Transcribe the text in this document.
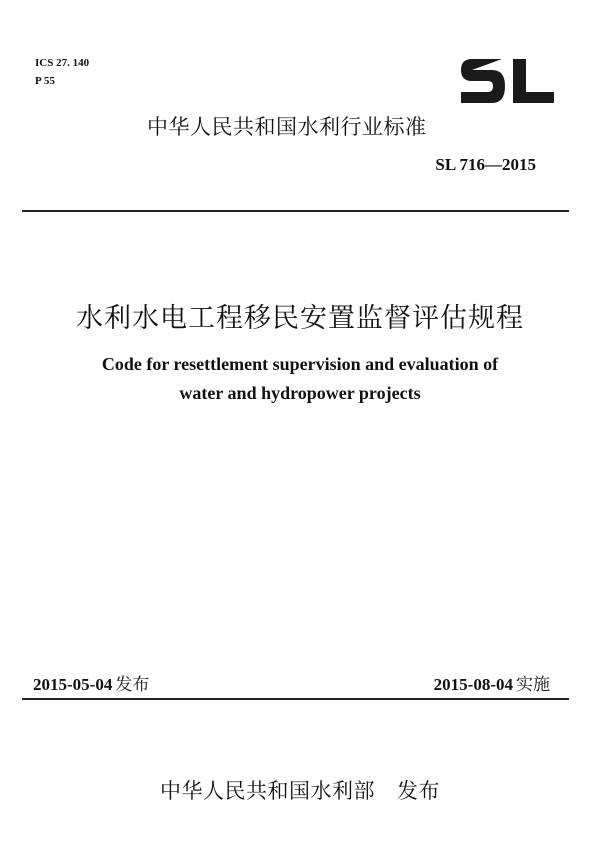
ICS 27. 140
P 55
中华人民共和国水利行业标准
SL 716—2015
水利水电工程移民安置监督评估规程
Code for resettlement supervision and evaluation of
water and hydropower projects
2015-05-04 发布	2015-08-04 实施
中华人民共和国水利部 发布
